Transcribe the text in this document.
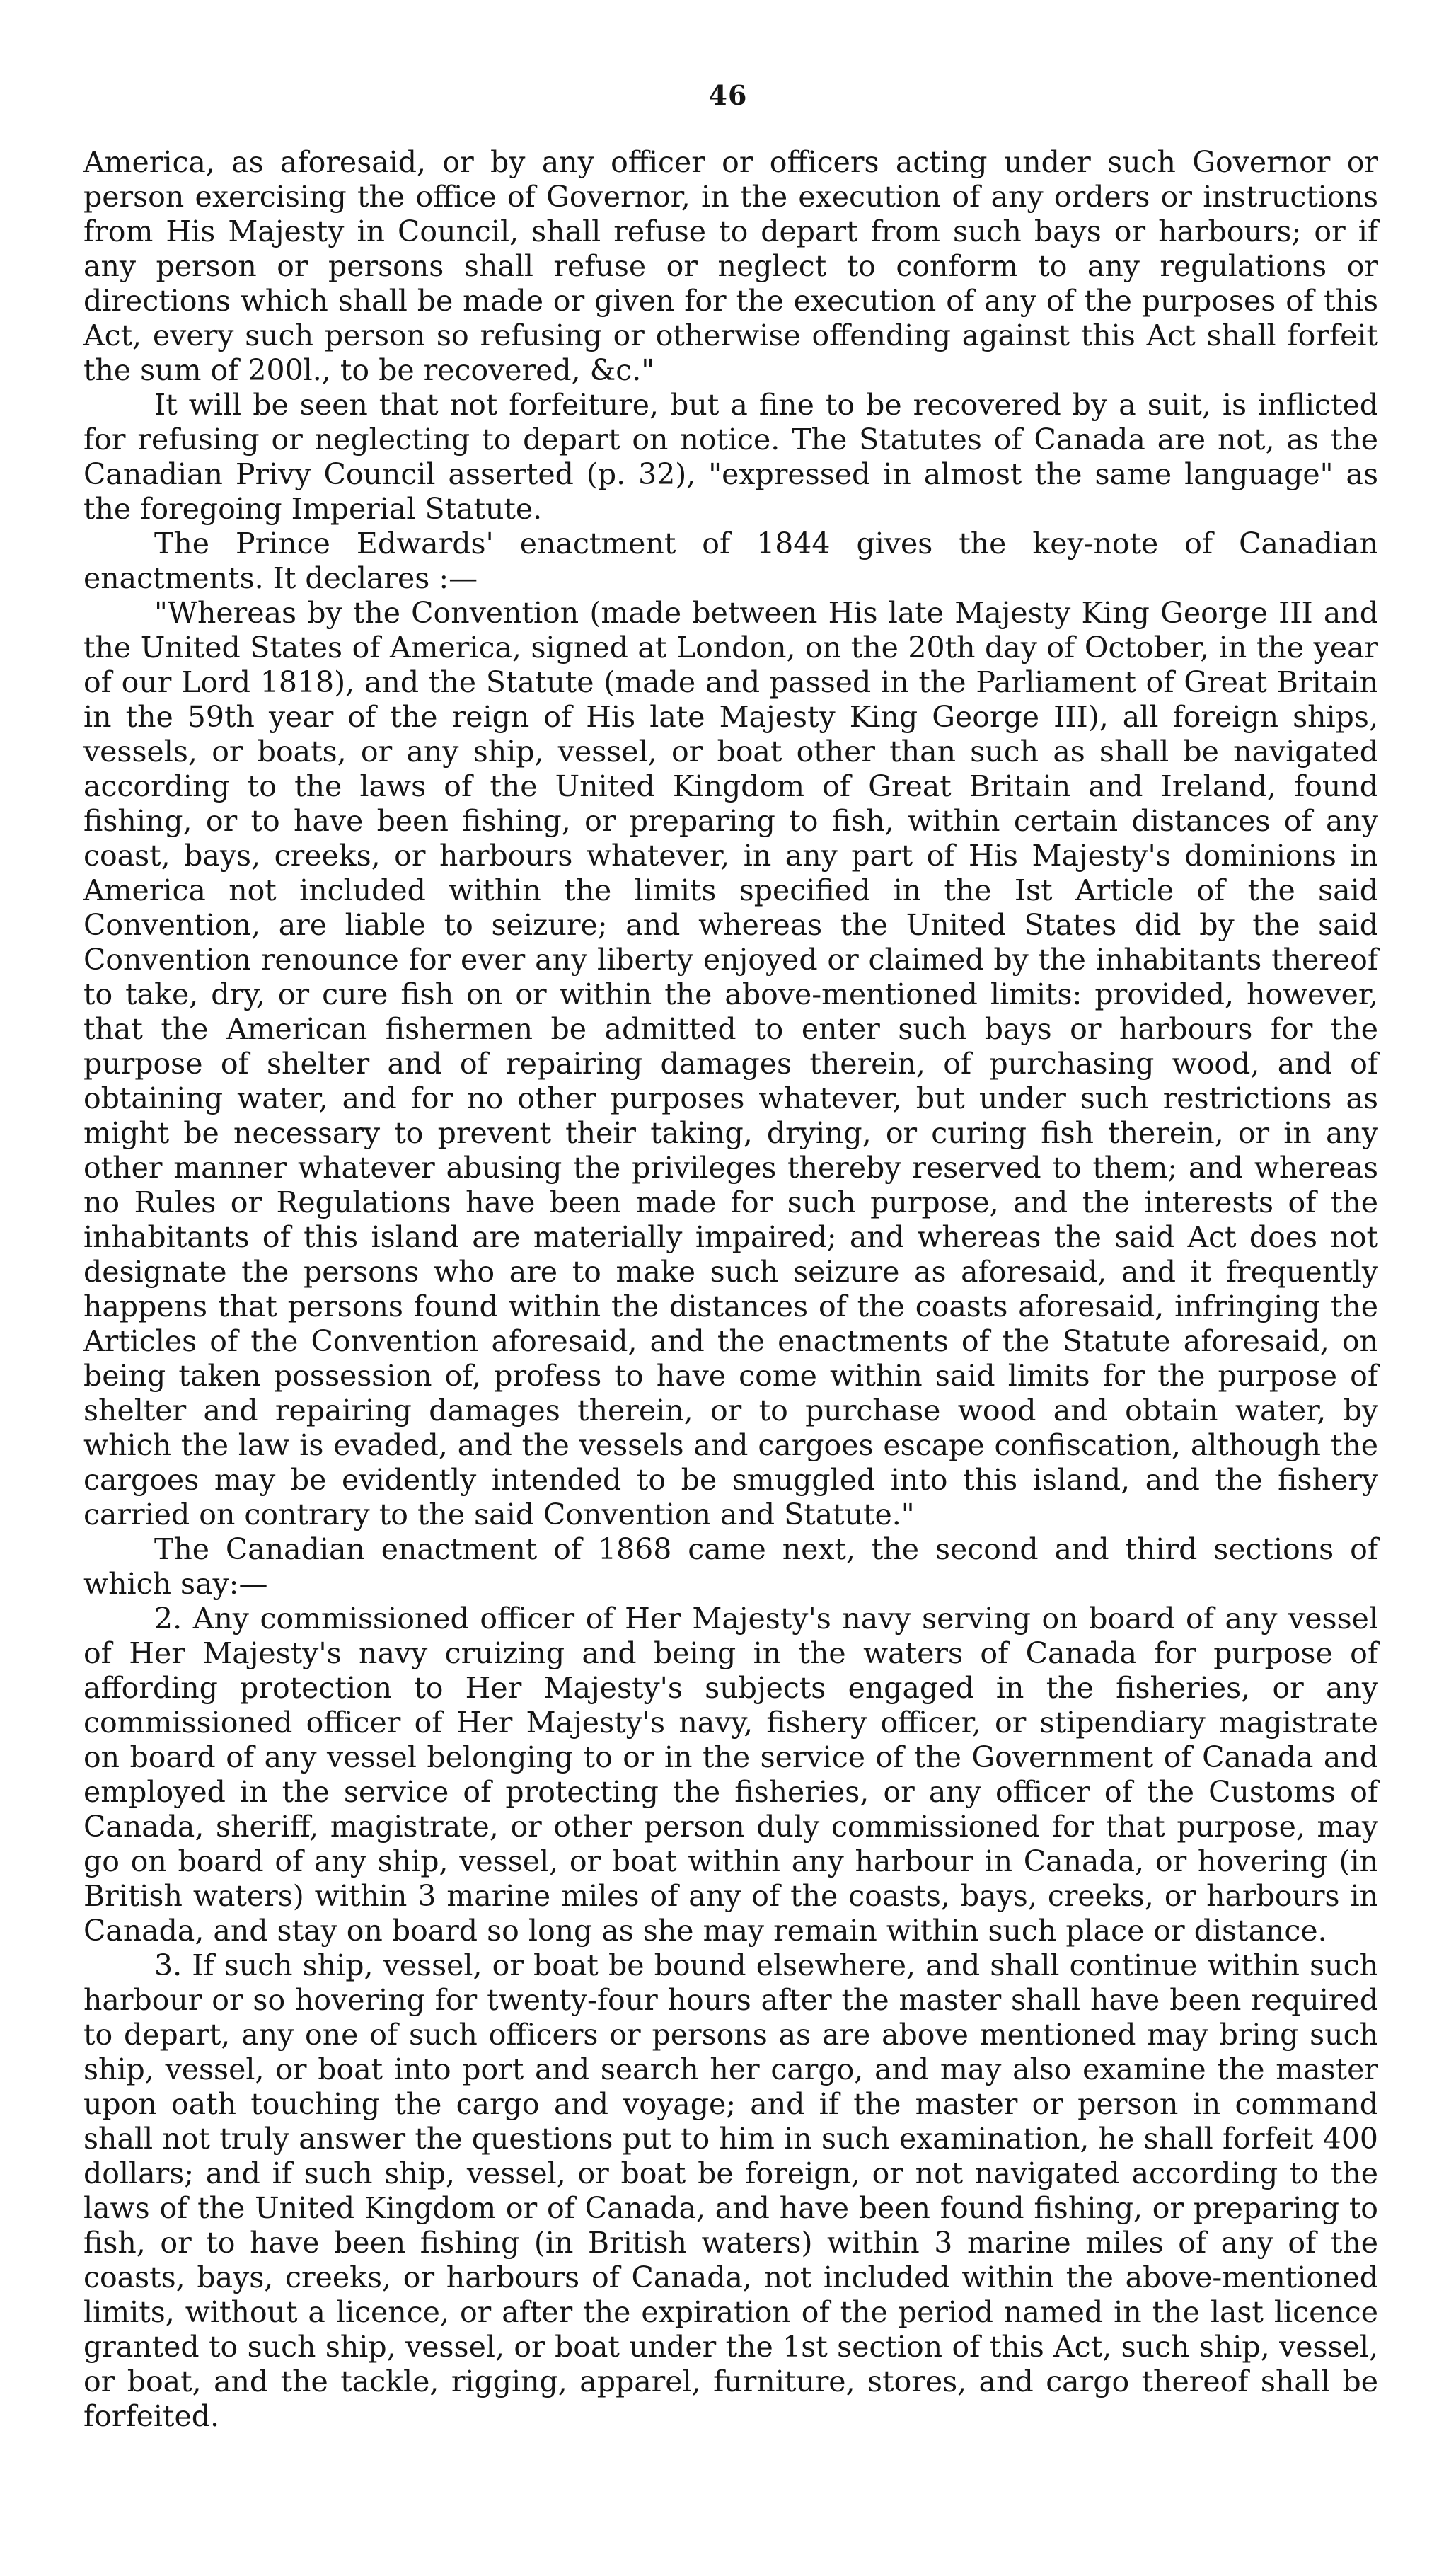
46

America, as aforesaid, or by any officer or officers acting under such Governor or person exercising the office of Governor, in the execution of any orders or instructions from His Majesty in Council, shall refuse to depart from such bays or harbours; or if any person or persons shall refuse or neglect to conform to any regulations or directions which shall be made or given for the execution of any of the purposes of this Act, every such person so refusing or otherwise offending against this Act shall forfeit the sum of 200l., to be recovered, &c."

It will be seen that not forfeiture, but a fine to be recovered by a suit, is inflicted for refusing or neglecting to depart on notice. The Statutes of Canada are not, as the Canadian Privy Council asserted (p. 32), "expressed in almost the same language" as the foregoing Imperial Statute.

The Prince Edwards' enactment of 1844 gives the key-note of Canadian enactments. It declares :—

"Whereas by the Convention (made between His late Majesty King George III and the United States of America, signed at London, on the 20th day of October, in the year of our Lord 1818), and the Statute (made and passed in the Parliament of Great Britain in the 59th year of the reign of His late Majesty King George III), all foreign ships, vessels, or boats, or any ship, vessel, or boat other than such as shall be navigated according to the laws of the United Kingdom of Great Britain and Ireland, found fishing, or to have been fishing, or preparing to fish, within certain distances of any coast, bays, creeks, or harbours whatever, in any part of His Majesty's dominions in America not included within the limits specified in the Ist Article of the said Convention, are liable to seizure; and whereas the United States did by the said Convention renounce for ever any liberty enjoyed or claimed by the inhabitants thereof to take, dry, or cure fish on or within the above-mentioned limits: provided, however, that the American fishermen be admitted to enter such bays or harbours for the purpose of shelter and of repairing damages therein, of purchasing wood, and of obtaining water, and for no other purposes whatever, but under such restrictions as might be necessary to prevent their taking, drying, or curing fish therein, or in any other manner whatever abusing the privileges thereby reserved to them; and whereas no Rules or Regulations have been made for such purpose, and the interests of the inhabitants of this island are materially impaired; and whereas the said Act does not designate the persons who are to make such seizure as aforesaid, and it frequently happens that persons found within the distances of the coasts aforesaid, infringing the Articles of the Convention aforesaid, and the enactments of the Statute aforesaid, on being taken possession of, profess to have come within said limits for the purpose of shelter and repairing damages therein, or to purchase wood and obtain water, by which the law is evaded, and the vessels and cargoes escape confiscation, although the cargoes may be evidently intended to be smuggled into this island, and the fishery carried on contrary to the said Convention and Statute."

The Canadian enactment of 1868 came next, the second and third sections of which say:—

2. Any commissioned officer of Her Majesty's navy serving on board of any vessel of Her Majesty's navy cruizing and being in the waters of Canada for purpose of affording protection to Her Majesty's subjects engaged in the fisheries, or any commissioned officer of Her Majesty's navy, fishery officer, or stipendiary magistrate on board of any vessel belonging to or in the service of the Government of Canada and employed in the service of protecting the fisheries, or any officer of the Customs of Canada, sheriff, magistrate, or other person duly commissioned for that purpose, may go on board of any ship, vessel, or boat within any harbour in Canada, or hovering (in British waters) within 3 marine miles of any of the coasts, bays, creeks, or harbours in Canada, and stay on board so long as she may remain within such place or distance.

3. If such ship, vessel, or boat be bound elsewhere, and shall continue within such harbour or so hovering for twenty-four hours after the master shall have been required to depart, any one of such officers or persons as are above mentioned may bring such ship, vessel, or boat into port and search her cargo, and may also examine the master upon oath touching the cargo and voyage; and if the master or person in command shall not truly answer the questions put to him in such examination, he shall forfeit 400 dollars; and if such ship, vessel, or boat be foreign, or not navigated according to the laws of the United Kingdom or of Canada, and have been found fishing, or preparing to fish, or to have been fishing (in British waters) within 3 marine miles of any of the coasts, bays, creeks, or harbours of Canada, not included within the above-mentioned limits, without a licence, or after the expiration of the period named in the last licence granted to such ship, vessel, or boat under the 1st section of this Act, such ship, vessel, or boat, and the tackle, rigging, apparel, furniture, stores, and cargo thereof shall be forfeited.
